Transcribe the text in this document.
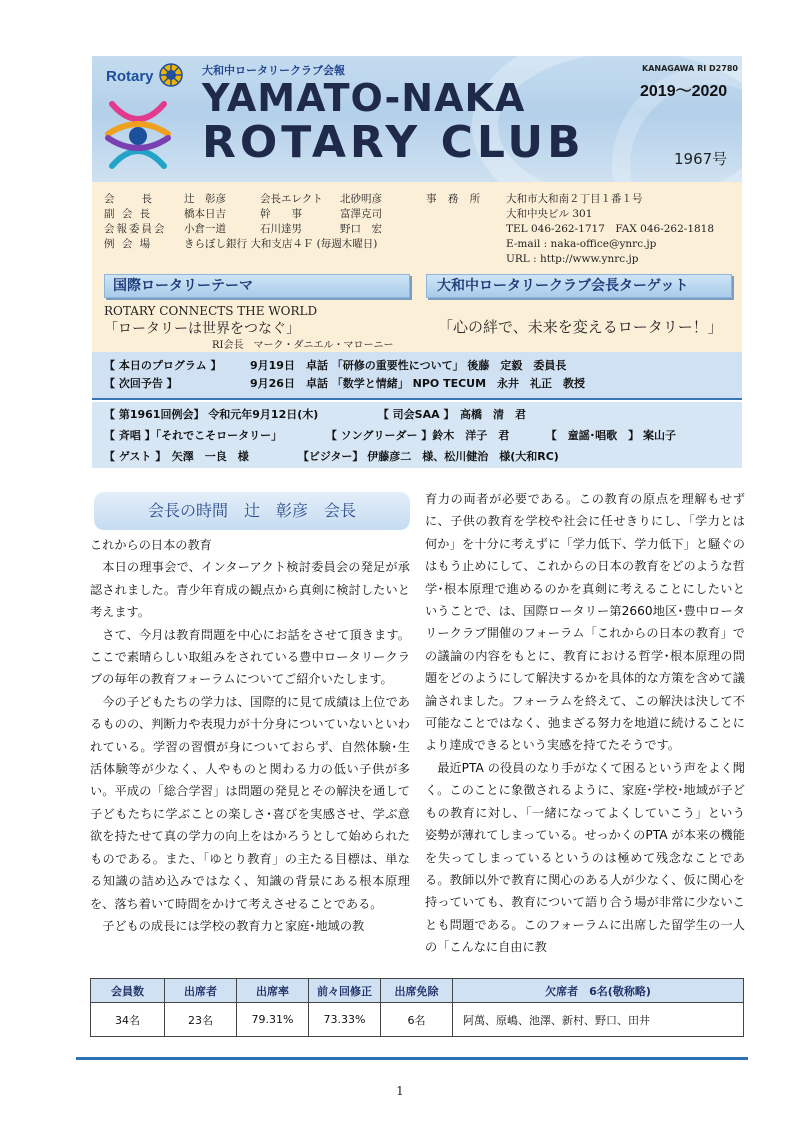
Rotary	大和中ロータリークラブ会報	KANAGAWA RI D2780
2019～2020
YAMATO-NAKA
ROTARY CLUB	1967号
会　　長	辻　彰彦	会長エレクト	北砂明彦
副 会 長	橋本日吉	幹　　事	富澤克司
会報委員会	小倉一道	石川達男	野口　宏
例 会 場	きらぼし銀行 大和支店４Ｆ (毎週木曜日)
事 務 所	大和市大和南２丁目１番１号
大和中央ビル 301
TEL 046-262-1717　FAX 046-262-1818
E-mail : naka-office@ynrc.jp
URL : http://www.ynrc.jp
国際ロータリーテーマ	大和中ロータリークラブ会長ターゲット
ROTARY CONNECTS THE WORLD
「ロータリーは世界をつなぐ」
RI会長　マーク・ダニエル・マローニー
「心の絆で、未来を変えるロータリー！」
【 本日のプログラム 】	9月19日　卓話 「研修の重要性について」 後藤　定毅　委員長
【 次回予告 】	9月26日　卓話 「数学と情緒」 NPO TECUM　永井　礼正　教授
【 第1961回例会】 令和元年9月12日(木)	【 司会SAA 】　高橋　清　君
【 斉唱 】「それでこそロータリー」	【 ソングリーダー 】鈴木　洋子　君	【　童謡･唱歌　】 案山子
【 ゲスト 】　矢澤　一良　様	【ビジター】 伊藤彦二　様、松川健治　様(大和RC)
会長の時間　辻　彰彦　会長

これからの日本の教育

本日の理事会で、インターアクト検討委員会の発足が承認されました。青少年育成の観点から真剣に検討したいと考えます。

さて、今月は教育問題を中心にお話をさせて頂きます。ここで素晴らしい取組みをされている豊中ロータリークラブの毎年の教育フォーラムについてご紹介いたします。

今の子どもたちの学力は、国際的に見て成績は上位であるものの、判断力や表現力が十分身についていないといわれている。学習の習慣が身についておらず、自然体験･生活体験等が少なく、人やものと関わる力の低い子供が多い。平成の「総合学習」は問題の発見とその解決を通して子どもたちに学ぶことの楽しさ･喜びを実感させ、学ぶ意欲を持たせて真の学力の向上をはかろうとして始められたものである。また、「ゆとり教育」の主たる目標は、単なる知識の詰め込みではなく、知識の背景にある根本原理を、落ち着いて時間をかけて考えさせることである。

子どもの成長には学校の教育力と家庭･地域の教

育力の両者が必要である。この教育の原点を理解もせずに、子供の教育を学校や社会に任せきりにし、「学力とは何か」を十分に考えずに「学力低下、学力低下」と騒ぐのはもう止めにして、これからの日本の教育をどのような哲学･根本原理で進めるのかを真剣に考えることにしたいということで、は、国際ロータリー第2660地区･豊中ロータリークラブ開催のフォーラム「これからの日本の教育」での議論の内容をもとに、教育における哲学･根本原理の問題をどのようにして解決するかを具体的な方策を含めて議論されました。フォーラムを終えて、この解決は決して不可能なことではなく、弛まざる努力を地道に続けることにより達成できるという実感を持てたそうです。

最近PTA の役員のなり手がなくて困るという声をよく聞く。このことに象徴されるように、家庭･学校･地域が子どもの教育に対し、「一緒になってよくしていこう」という姿勢が薄れてしまっている。せっかくのPTA が本来の機能を失ってしまっているというのは極めて残念なことである。教師以外で教育に関心のある人が少なく、仮に関心を持っていても、教育について語り合う場が非常に少ないことも問題である。このフォーラムに出席した留学生の一人の「こんなに自由に教

会員数	出席者	出席率	前々回修正	出席免除	欠席者　6名(敬称略)
34名	23名	79.31%	73.33%	6名	阿萬、原嶋、池澤、新村、野口、田井
1
